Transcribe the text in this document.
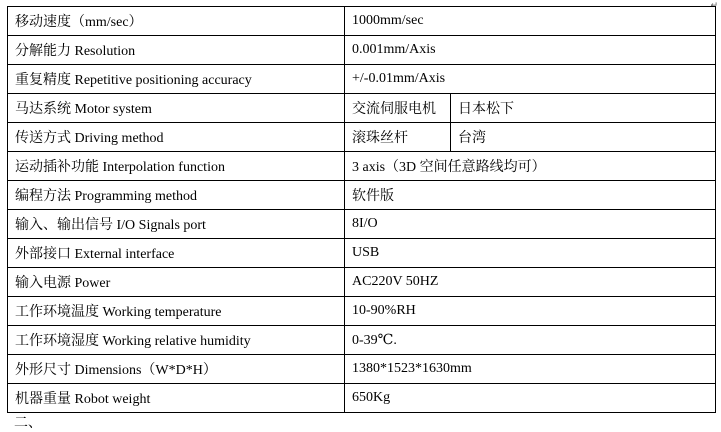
↵
移动速度（mm/sec）	1000mm/sec	
分解能力 Resolution	0.001mm/Axis	
重复精度 Repetitive positioning accuracy	+/-0.01mm/Axis	
马达系统 Motor system	交流伺服电机	日本松下
传送方式 Driving method	滚珠丝杆	台湾
运动插补功能 Interpolation function	3 axis（3D 空间任意路线均可）	
编程方法 Programming method	软件版	
输入、输出信号 I/O Signals port	8I/O	
外部接口 External interface	USB	
输入电源 Power	AC220V 50HZ	
工作环境温度 Working temperature	10-90%RH	
工作环境湿度 Working relative humidity	0-39℃.	
外形尺寸 Dimensions（W*D*H）	1380*1523*1630mm	
机器重量 Robot weight	650Kg	
二、
